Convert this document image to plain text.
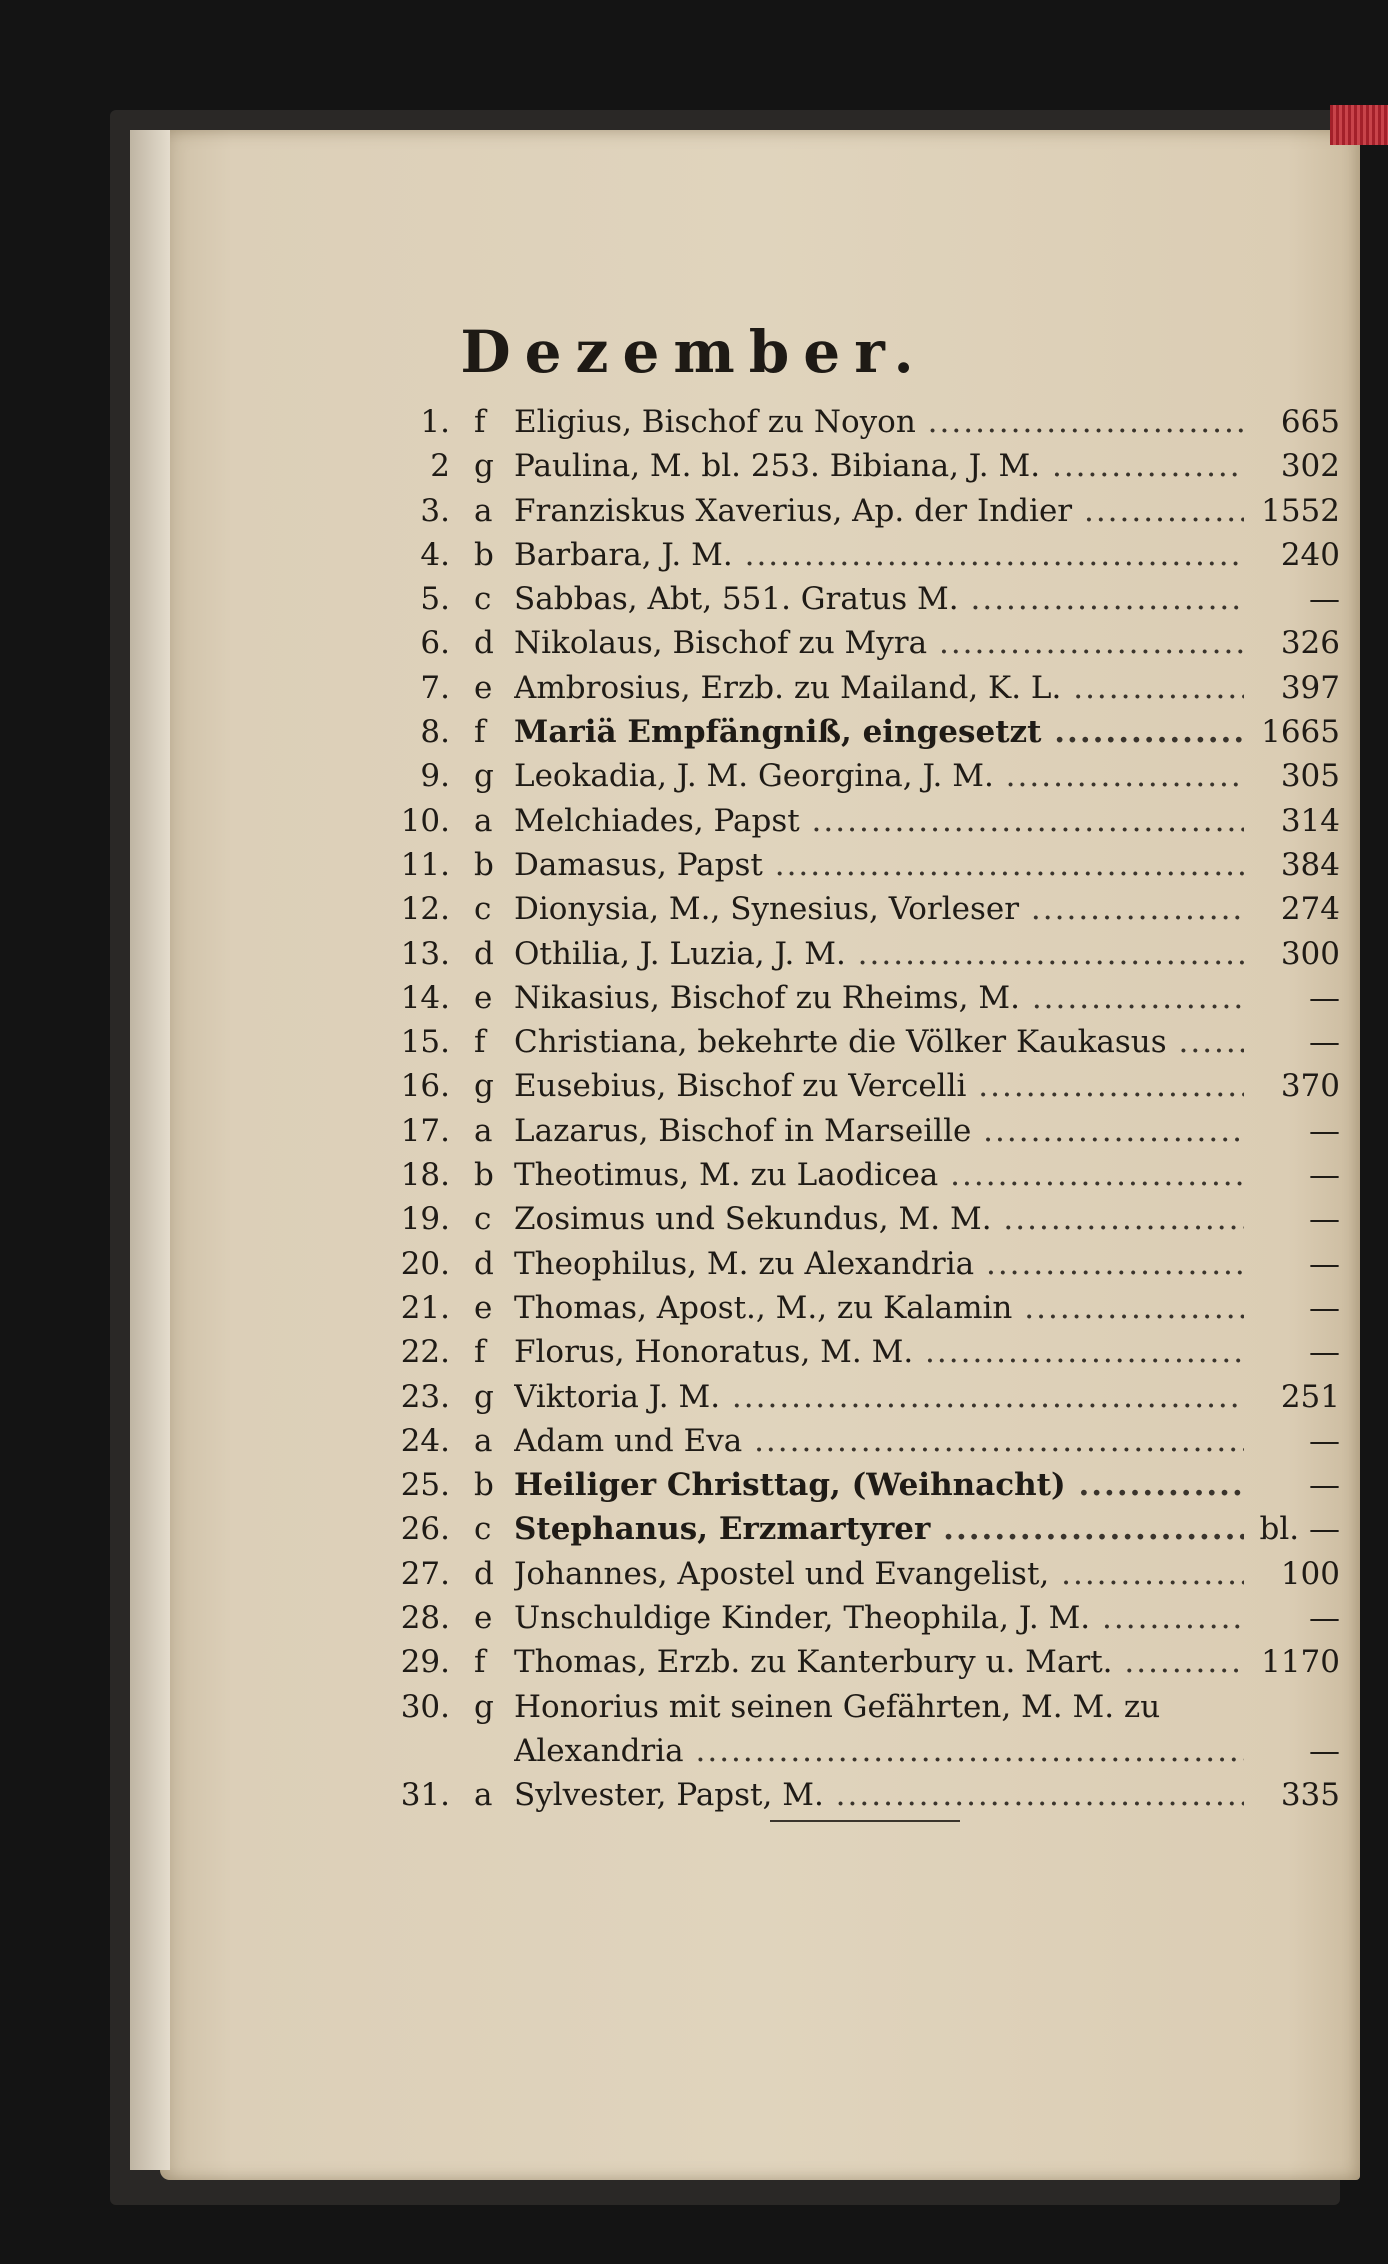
Dezember.
1. f Eligius, Bischof zu Noyon .....	665
2 g Paulina, M. bl. 253. Bibiana, J. M. .....	302
3. a Franziskus Xaverius, Ap. der Indier .....	1552
4. b Barbara, J. M. .....	240
5. c Sabbas, Abt, 551. Gratus M. .....	—
6. d Nikolaus, Bischof zu Myra .....	326
7. e Ambrosius, Erzb. zu Mailand, K. L. .....	397
8. f Mariä Empfängniß, eingesetzt .....	1665
9. g Leokadia, J. M. Georgina, J. M. .....	305
10. a Melchiades, Papst .....	314
11. b Damasus, Papst .....	384
12. c Dionysia, M., Synesius, Vorleser .....	274
13. d Othilia, J. Luzia, J. M. .....	300
14. e Nikasius, Bischof zu Rheims, M. .....	—
15. f Christiana, bekehrte die Völker Kaukasus .....	—
16. g Eusebius, Bischof zu Vercelli .....	370
17. a Lazarus, Bischof in Marseille .....	—
18. b Theotimus, M. zu Laodicea .....	—
19. c Zosimus und Sekundus, M. M. .....	—
20. d Theophilus, M. zu Alexandria .....	—
21. e Thomas, Apost., M., zu Kalamin .....	—
22. f Florus, Honoratus, M. M. .....	—
23. g Viktoria J. M. .....	251
24. a Adam und Eva .....	—
25. b Heiliger Christtag, (Weihnacht) .....	—
26. c Stephanus, Erzmartyrer .....	bl. —
27. d Johannes, Apostel und Evangelist, .....	100
28. e Unschuldige Kinder, Theophila, J. M. .....	—
29. f Thomas, Erzb. zu Kanterbury u. Mart. .....	1170
30. g Honorius mit seinen Gefährten, M. M. zu
Alexandria .....	—
31. a Sylvester, Papst, M. .....	335
